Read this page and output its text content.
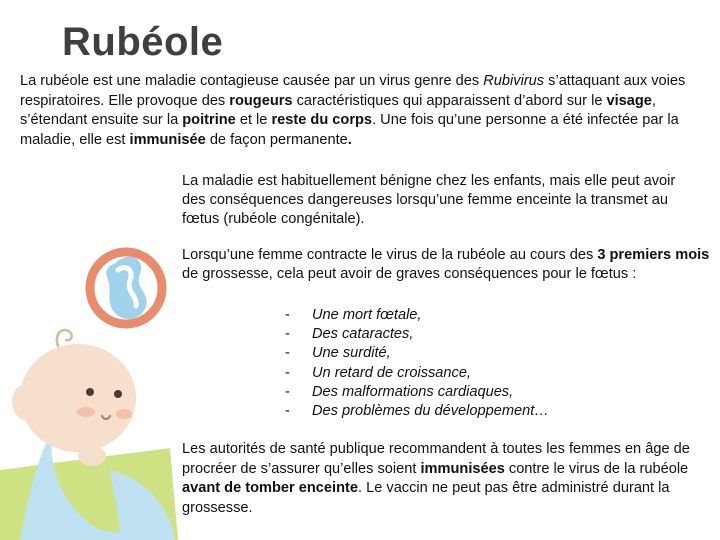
Rubéole

La rubéole est une maladie contagieuse causée par un virus genre des Rubivirus s’attaquant aux voies respiratoires. Elle provoque des rougeurs caractéristiques qui apparaissent d’abord sur le visage, s’étendant ensuite sur la poitrine et le reste du corps. Une fois qu’une personne a été infectée par la maladie, elle est immunisée de façon permanente.

La maladie est habituellement bénigne chez les enfants, mais elle peut avoir des conséquences dangereuses lorsqu’une femme enceinte la transmet au fœtus (rubéole congénitale).

Lorsqu’une femme contracte le virus de la rubéole au cours des 3 premiers mois de grossesse, cela peut avoir de graves conséquences pour le fœtus :

-	Une mort fœtale,
-	Des cataractes,
-	Une surdité,
-	Un retard de croissance,
-	Des malformations cardiaques,
-	Des problèmes du développement…

Les autorités de santé publique recommandent à toutes les femmes en âge de procréer de s’assurer qu’elles soient immunisées contre le virus de la rubéole avant de tomber enceinte. Le vaccin ne peut pas être administré durant la grossesse.
